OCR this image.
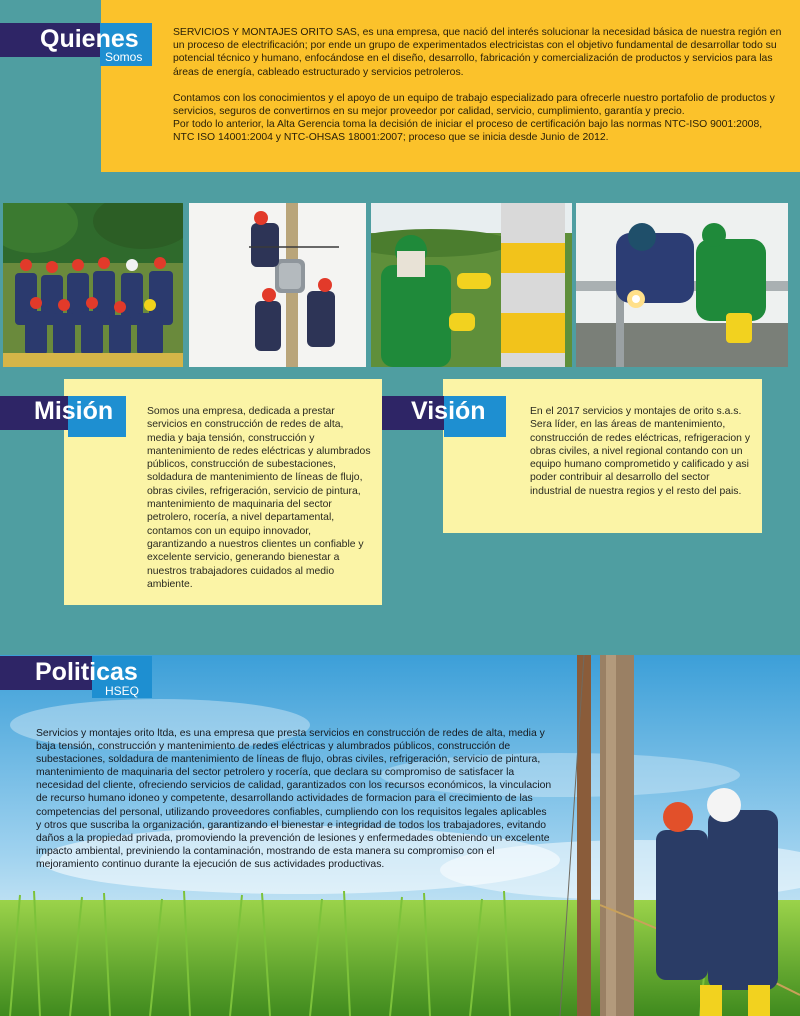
Quienes
Somos

SERVICIOS Y MONTAJES ORITO SAS, es una empresa, que nació del interés solucionar la necesidad básica de nuestra región en un proceso de electrificación; por ende un grupo de experimentados electricistas con el objetivo fundamental de desarrollar todo su potencial técnico y humano, enfocándose en el diseño, desarrollo, fabricación y comercialización de productos y servicios para las áreas de energía, cableado estructurado y servicios petroleros.

Contamos con los conocimientos y el apoyo de un equipo de trabajo especializado para ofrecerle nuestro portafolio de productos y servicios, seguros de convertirnos en su mejor proveedor por calidad, servicio, cumplimiento, garantía y precio.

Por todo lo anterior, la Alta Gerencia toma la decisión de iniciar el proceso de certificación bajo las normas NTC-ISO 9001:2008, NTC ISO 14001:2004 y NTC-OHSAS 18001:2007; proceso que se inicia desde Junio de 2012.

Misión	Somos una empresa, dedicada a prestar servicios en construcción de redes de alta, media y baja tensión, construcción y mantenimiento de redes eléctricas y alumbrados públicos, construcción de subestaciones, soldadura de mantenimiento de líneas de flujo, obras civiles, refrigeración, servicio de pintura, mantenimiento de maquinaria del sector petrolero, rocería, a nivel departamental, contamos con un equipo innovador, garantizando a nuestros clientes un confiable y excelente servicio, generando bienestar a nuestros trabajadores cuidados al medio ambiente.
Visión	En el 2017 servicios y montajes de orito s.a.s. Sera líder, en las áreas de mantenimiento, construcción de redes eléctricas, refrigeracion y obras civiles, a nivel regional contando con un equipo humano comprometido y calificado y asi poder contribuir al desarrollo del sector industrial de nuestra regios y el resto del pais.
Politicas
HSEQ
Servicios y montajes orito ltda, es una empresa que presta servicios en construcción de redes de alta, media y baja tensión, construcción y mantenimiento de redes eléctricas y alumbrados públicos, construcción de subestaciones, soldadura de mantenimiento de líneas de flujo, obras civiles, refrigeración, servicio de pintura, mantenimiento de maquinaria del sector petrolero y rocería, que declara su compromiso de satisfacer la necesidad del cliente, ofreciendo servicios de calidad, garantizados con los recursos económicos, la vinculacion de recurso humano idoneo y competente, desarrollando actividades de formacion para el crecimiento de las competencias del personal, utilizando proveedores confiables, cumpliendo con los requisitos legales aplicables y otros que suscriba la organización, garantizando el bienestar e integridad de todos los trabajadores, evitando daños a la propiedad privada, promoviendo la prevención de lesiones y enfermedades obteniendo un excelente impacto ambiental, previniendo la contaminación, mostrando de esta manera su compromiso con el mejoramiento continuo durante la ejecución de sus actividades productivas.
